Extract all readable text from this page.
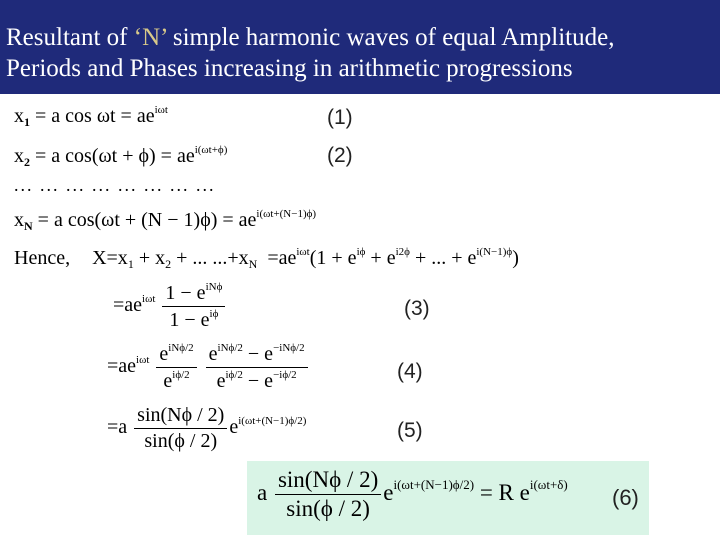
Resultant of ‘N’ simple harmonic waves of equal Amplitude,
Periods and Phases increasing in arithmetic progressions
$x_1 = a$ $\cos \omega t = ae^{i\omega t}$	(1)
$x_2 = a$ $\cos(\omega t + \phi) = ae^{i(\omega t+\phi)}$	(2)
... ... ... ... ... ... ... ...
$x_N = a$ $\cos(\omega t + (N - 1)\phi) = ae^{i(\omega t+(N-1)\phi)}$
Hence, $X=x_1 + x_2$ + ... $...+x_N =ae^{i\omega t}(1 + e^{i\phi} + e^{i2\phi}$ + ... + $e^{i(N-1)\phi}$)
$=ae^{i\omega t} \frac{1 - e^{iN\phi}}{1 - e^{i\phi}}$	(3)
$=ae^{i\omega t} \frac{e^{iN\phi/2}}{e^{i\phi/2}}$
$\frac{e^{iN\phi/2} - e^{-iN\phi/2}}{e^{i\phi/2} - e^{-i\phi/2}}$	(4)
$=a \frac{\sin(N\phi / 2)}{\sin(\phi / 2)} e^{i(\omega t+(N-1)\phi/2)}$	(5)
a $\frac{\sin(N\phi / 2)}{\sin(\phi / 2)} e^{i(\omega t+(N-1)\phi/2)} = R$ $e^{i(\omega t+\delta)}$
(6)
